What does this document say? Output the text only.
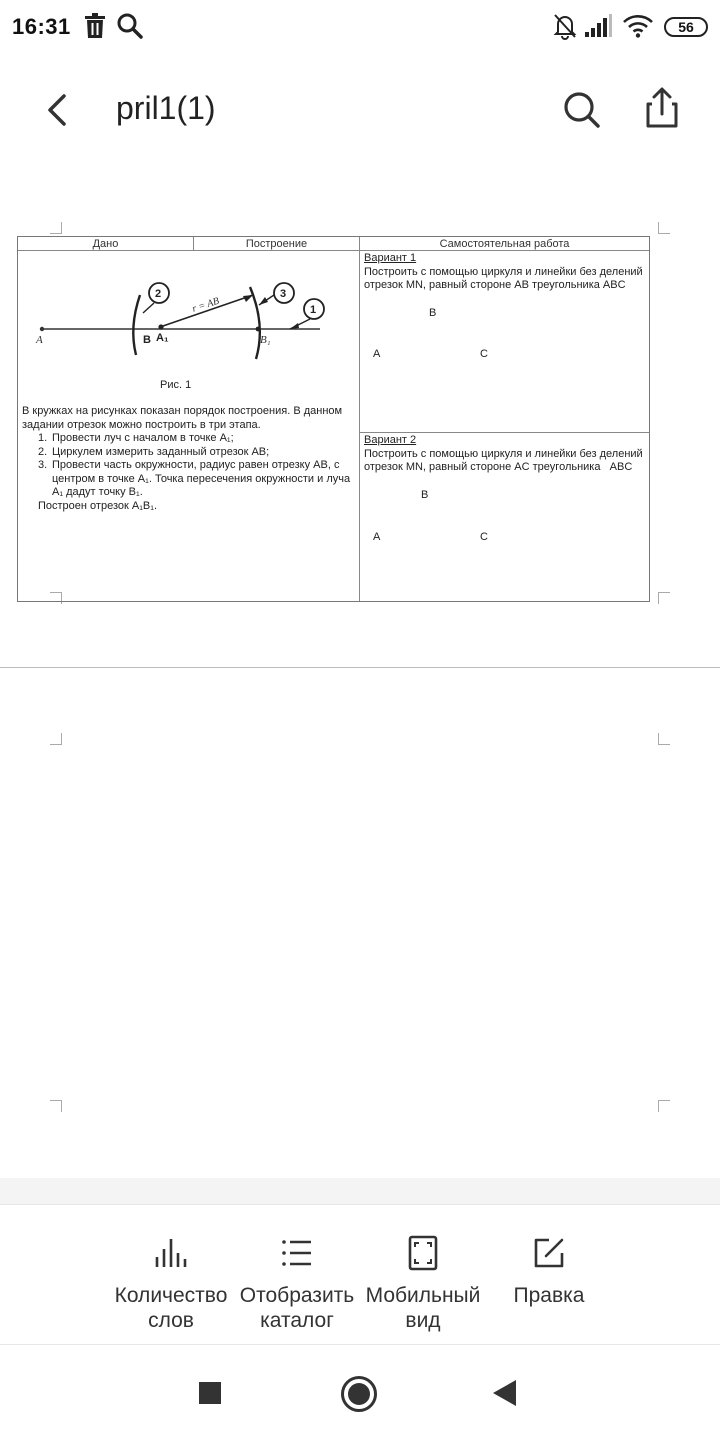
16:31	56
pril1(1)
Дано	Построение	Самостоятельная работа
А	В А₁
r = AB
В₁
1
2	3
Рис. 1

В кружках на рисунках показан порядок построения. В данном задании отрезок можно построить в три этапа.

1. Провести луч с началом в точке А₁;
2. Циркулем измерить заданный отрезок АВ;
3. Провести часть окружности, радиус равен отрезку АВ, с центром в точке А₁. Точка пересечения окружности и луча А₁ дадут точку В₁.

Построен отрезок А₁В₁.

Вариант 1
Построить с помощью циркуля и линейки без делений отрезок MN, равный стороне AB треугольника ABC
B
A	C
Вариант 2
Построить с помощью циркуля и линейки без делений отрезок MN, равный стороне AC треугольника   ABC
B
A	C
Количество слов
Отобразить каталог
Мобильный вид
Правка
